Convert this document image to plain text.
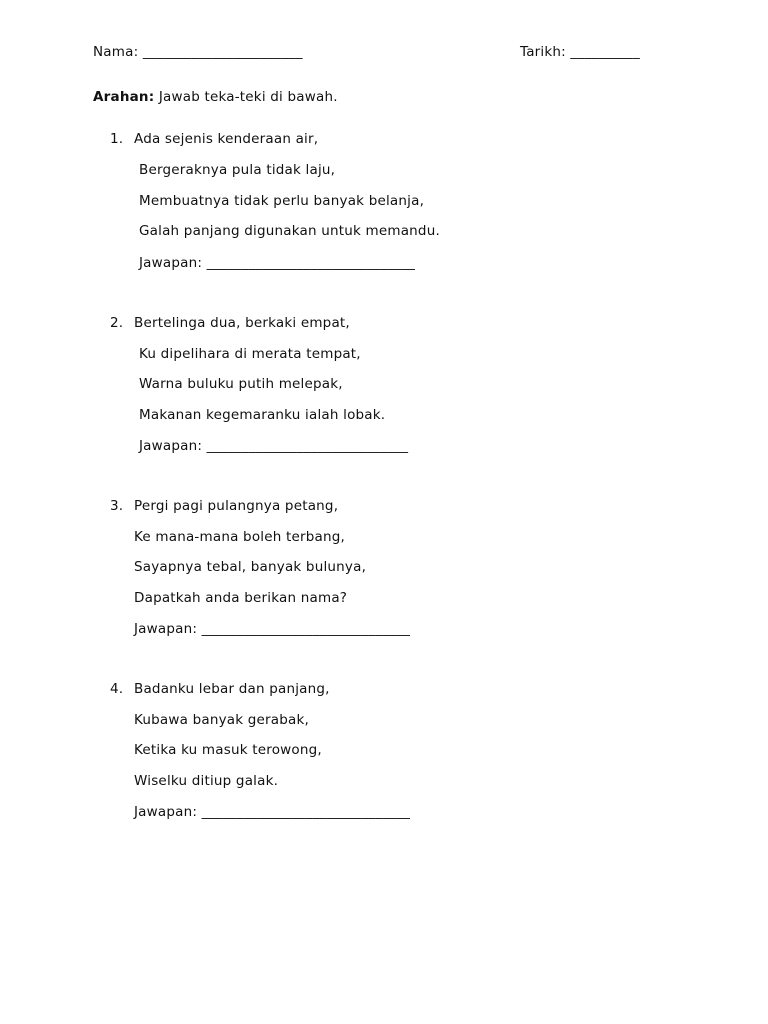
Nama: _______________________	Tarikh: __________
Arahan: Jawab teka-teki di bawah.
1. Ada sejenis kenderaan air,
Bergeraknya pula tidak laju,
Membuatnya tidak perlu banyak belanja,
Galah panjang digunakan untuk memandu.
Jawapan: ______________________________
2. Bertelinga dua, berkaki empat,
Ku dipelihara di merata tempat,
Warna buluku putih melepak,
Makanan kegemaranku ialah lobak.
Jawapan: _____________________________
3. Pergi pagi pulangnya petang,
Ke mana-mana boleh terbang,
Sayapnya tebal, banyak bulunya,
Dapatkah anda berikan nama?
Jawapan: ______________________________
4. Badanku lebar dan panjang,
Kubawa banyak gerabak,
Ketika ku masuk terowong,
Wiselku ditiup galak.
Jawapan: ______________________________
